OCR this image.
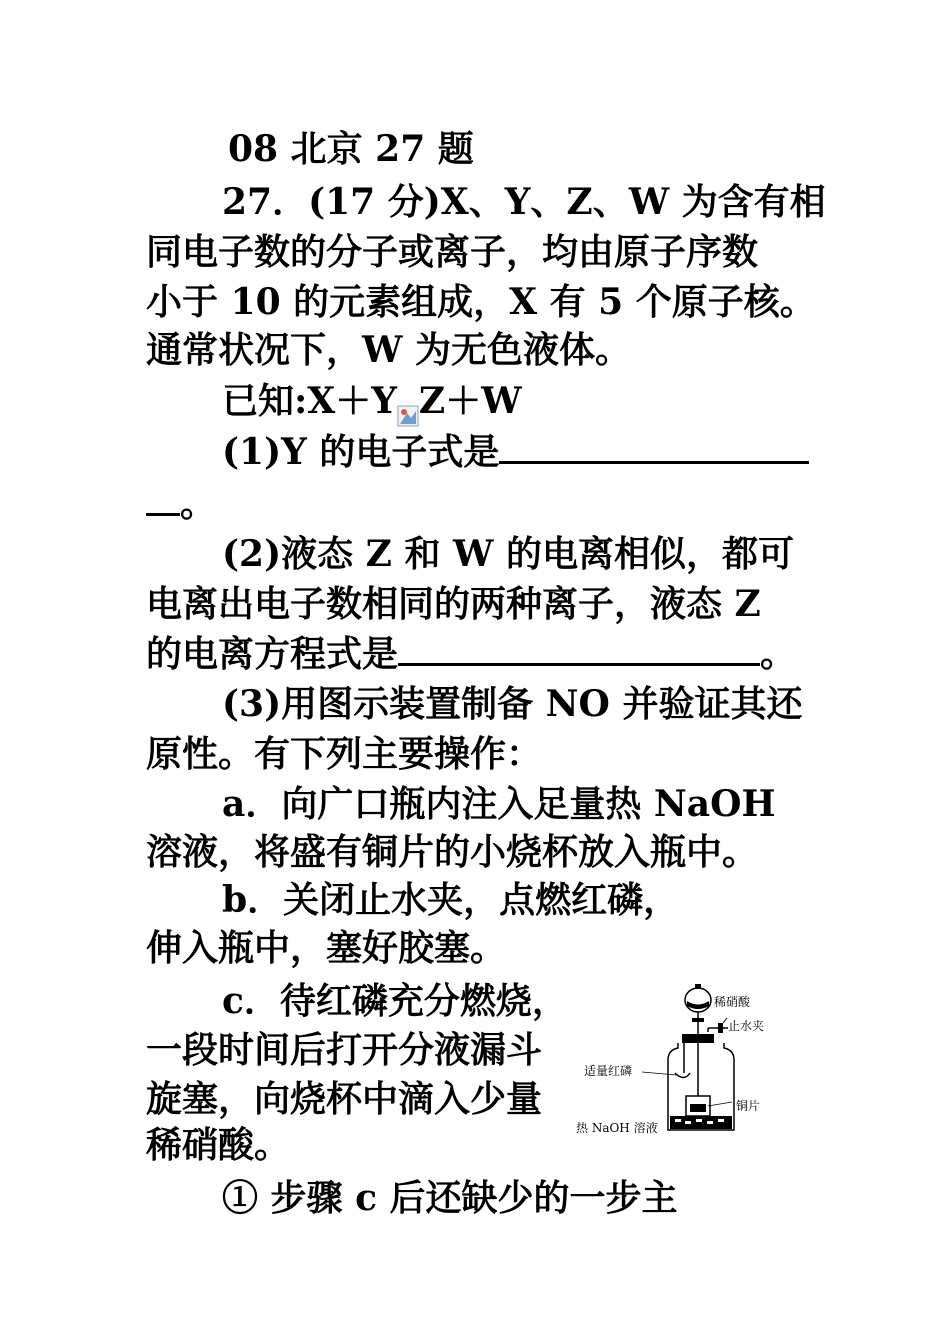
08 北京 27 题
27．(17 分)X、Y、Z、W 为含有相
同电子数的分子或离子，均由原子序数
小于 10 的元素组成，X 有 5 个原子核。
通常状况下，W 为无色液体。
已知:X＋Y Z＋W
(1)Y 的电子式是
。
(2)液态 Z 和 W 的电离相似，都可
电离出电子数相同的两种离子，液态 Z
的电离方程式是	。
(3)用图示装置制备 NO 并验证其还
原性。有下列主要操作：
a．向广口瓶内注入足量热 NaOH
溶液，将盛有铜片的小烧杯放入瓶中。
b．关闭止水夹，点燃红磷，
伸入瓶中，塞好胶塞。
c．待红磷充分燃烧，
一段时间后打开分液漏斗
旋塞，向烧杯中滴入少量
稀硝酸。
① 步骤 c 后还缺少的一步主
稀硝酸
止水夹
适量红磷
铜片
热 NaOH 溶液
